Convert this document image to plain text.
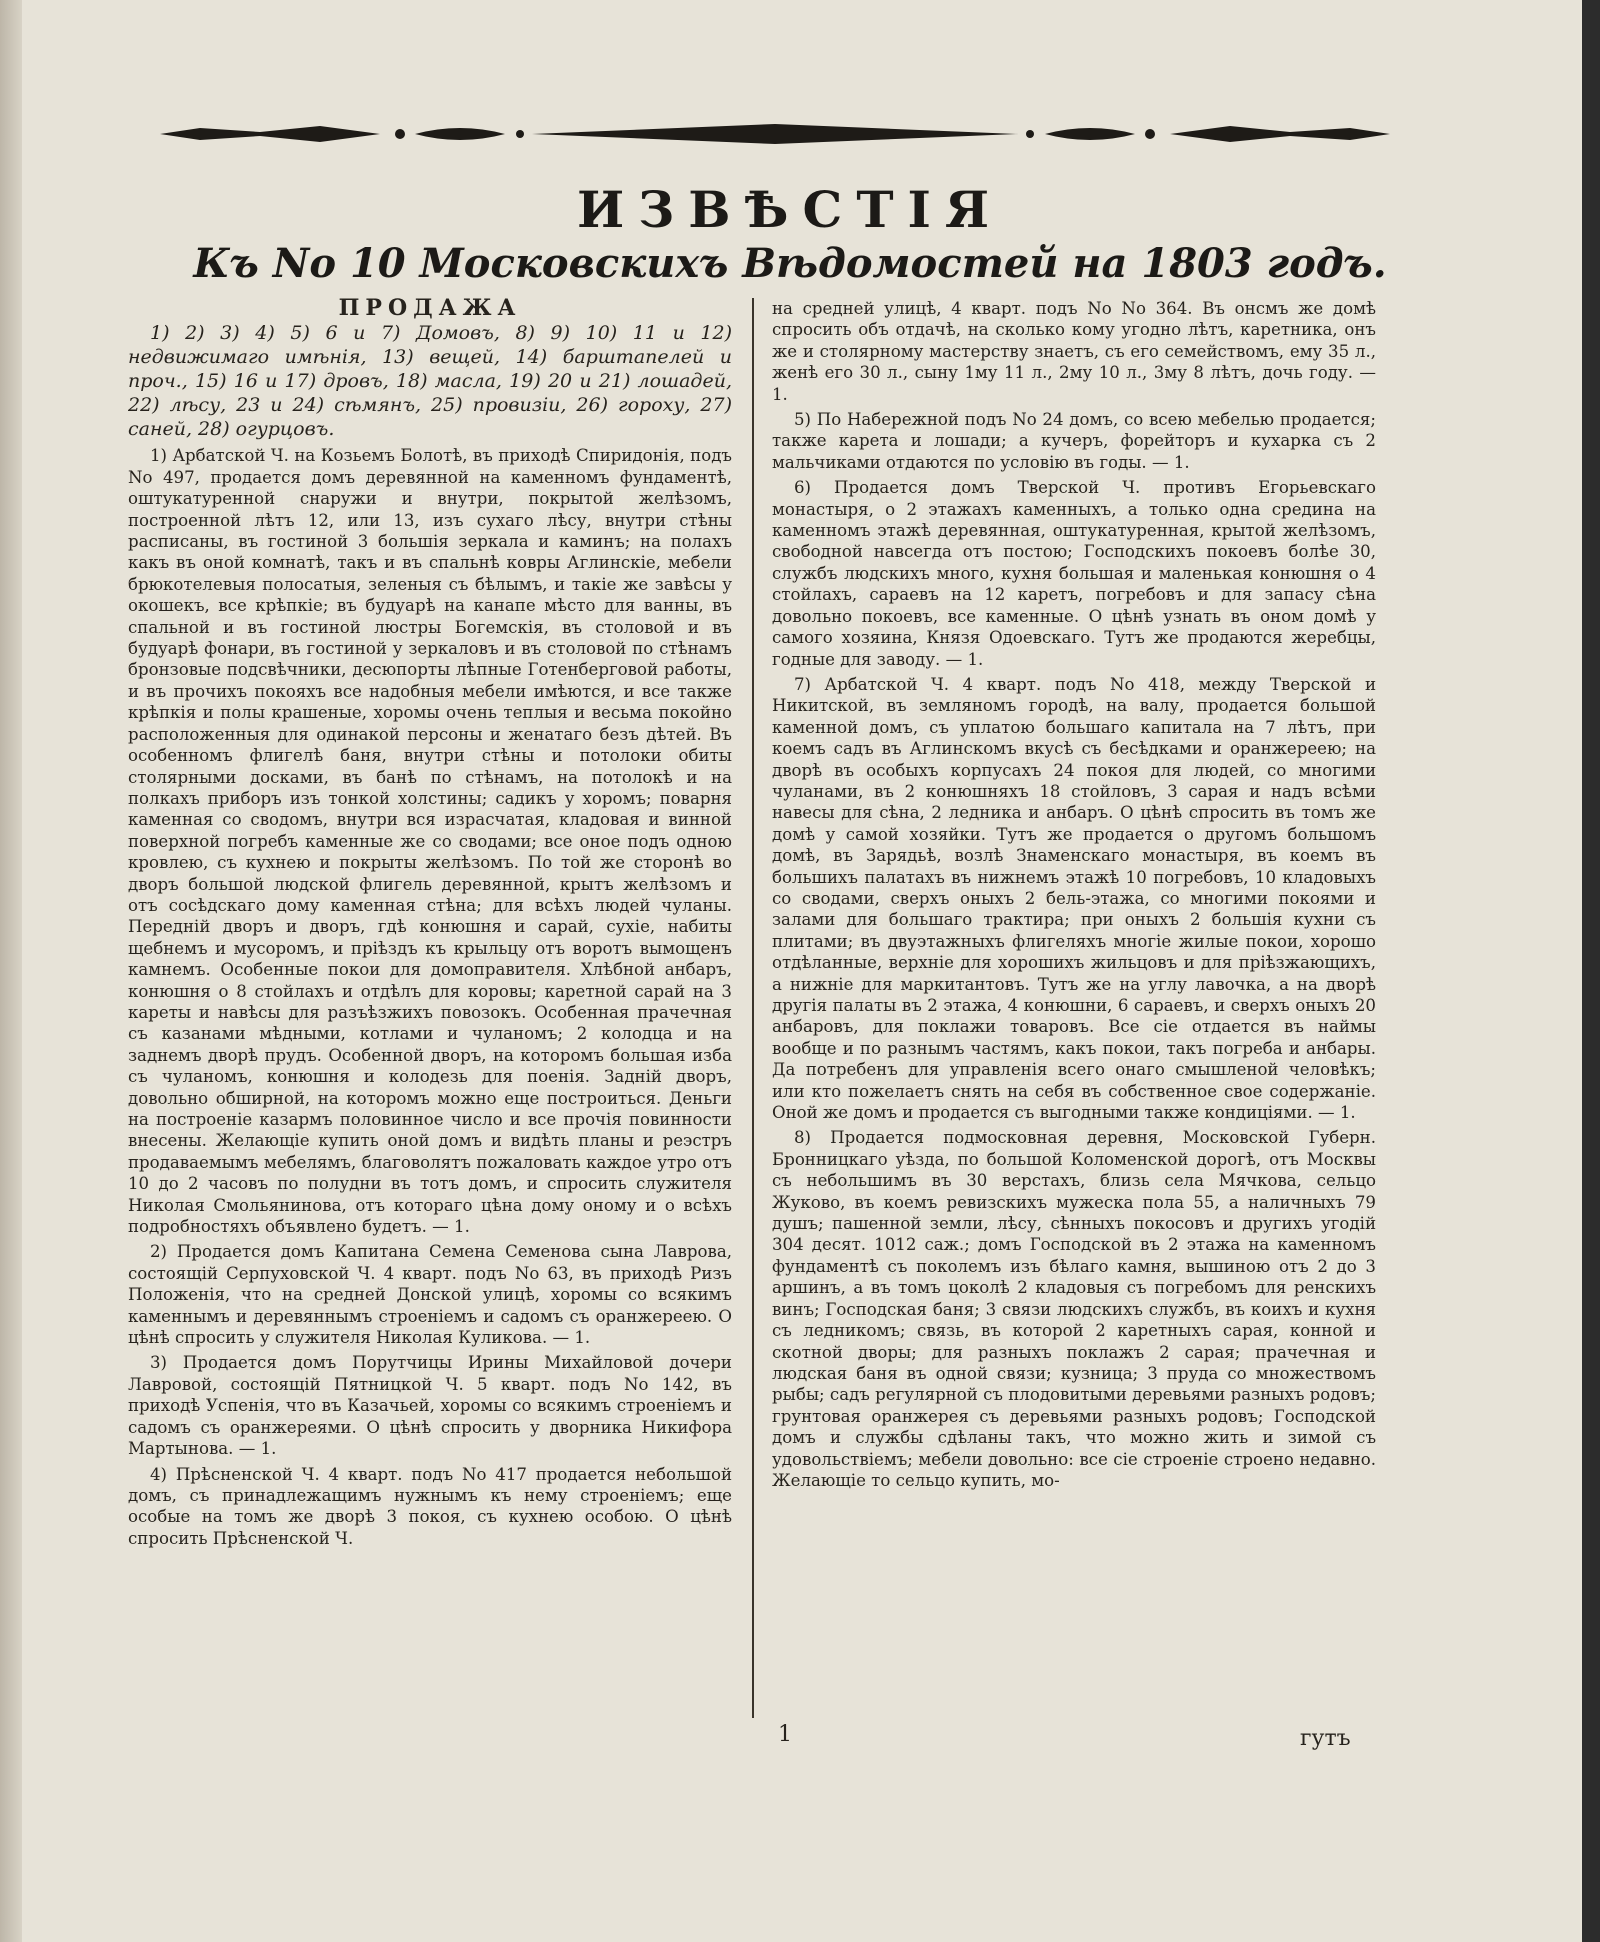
ИЗВѢСТІЯ
Къ No 10 Московскихъ Вѣдомостей на 1803 годъ.
ПРОДАЖА

1) 2) 3) 4) 5) 6 и 7) Домовъ, 8) 9) 10) 11 и 12) недвижимаго имѣнія, 13) вещей, 14) барштапелей и проч., 15) 16 и 17) дровъ, 18) масла, 19) 20 и 21) лошадей, 22) лѣсу, 23 и 24) сѣмянъ, 25) провизіи, 26) гороху, 27) саней, 28) огурцовъ.

1) Арбатской Ч. на Козьемъ Болотѣ, въ приходѣ Спиридонія, подъ No 497, продается домъ деревянной на каменномъ фундаментѣ, оштукатуренной снаружи и внутри, покрытой желѣзомъ, построенной лѣтъ 12, или 13, изъ сухаго лѣсу, внутри стѣны расписаны, въ гостиной 3 большія зеркала и каминъ; на полахъ какъ въ оной комнатѣ, такъ и въ спальнѣ ковры Аглинскіе, мебели брюкотелевыя полосатыя, зеленыя съ бѣлымъ, и такіе же завѣсы у окошекъ, все крѣпкіе; въ будуарѣ на канапе мѣсто для ванны, въ спальной и въ гостиной люстры Богемскія, въ столовой и въ будуарѣ фонари, въ гостиной у зеркаловъ и въ столовой по стѣнамъ бронзовые подсвѣчники, десюпорты лѣпные Готенберговой работы, и въ прочихъ покояхъ все надобныя мебели имѣются, и все также крѣпкія и полы крашеные, хоромы очень теплыя и весьма покойно расположенныя для одинакой персоны и женатаго безъ дѣтей. Въ особенномъ флигелѣ баня, внутри стѣны и потолоки обиты столярными досками, въ банѣ по стѣнамъ, на потолокѣ и на полкахъ приборъ изъ тонкой холстины; садикъ у хоромъ; поварня каменная со сводомъ, внутри вся израсчатая, кладовая и винной поверхной погребъ каменные же со сводами; все оное подъ одною кровлею, съ кухнею и покрыты желѣзомъ. По той же сторонѣ во дворъ большой людской флигель деревянной, крытъ желѣзомъ и отъ сосѣдскаго дому каменная стѣна; для всѣхъ людей чуланы. Передній дворъ и дворъ, гдѣ конюшня и сарай, сухіе, набиты щебнемъ и мусоромъ, и пріѣздъ къ крыльцу отъ воротъ вымощенъ камнемъ. Особенные покои для домоправителя. Хлѣбной анбаръ, конюшня о 8 стойлахъ и отдѣлъ для коровы; каретной сарай на 3 кареты и навѣсы для разъѣзжихъ повозокъ. Особенная прачечная съ казанами мѣдными, котлами и чуланомъ; 2 колодца и на заднемъ дворѣ прудъ. Особенной дворъ, на которомъ большая изба съ чуланомъ, конюшня и колодезь для поенія. Задній дворъ, довольно обширной, на которомъ можно еще построиться. Деньги на построеніе казармъ половинное число и все прочія повинности внесены. Желающіе купить оной домъ и видѣть планы и реэстръ продаваемымъ мебелямъ, благоволятъ пожаловать каждое утро отъ 10 до 2 часовъ по полудни въ тотъ домъ, и спросить служителя Николая Смольянинова, отъ котораго цѣна дому оному и о всѣхъ подробностяхъ объявлено будетъ. — 1.

2) Продается домъ Капитана Семена Семенова сына Лаврова, состоящій Серпуховской Ч. 4 кварт. подъ No 63, въ приходѣ Ризъ Положенія, что на средней Донской улицѣ, хоромы со всякимъ каменнымъ и деревяннымъ строеніемъ и садомъ съ оранжереею. О цѣнѣ спросить у служителя Николая Куликова. — 1.

3) Продается домъ Порутчицы Ирины Михайловой дочери Лавровой, состоящій Пятницкой Ч. 5 кварт. подъ No 142, въ приходѣ Успенія, что въ Казачьей, хоромы со всякимъ строеніемъ и садомъ съ оранжереями. О цѣнѣ спросить у дворника Никифора Мартынова. — 1.

4) Прѣсненской Ч. 4 кварт. подъ No 417 продается небольшой домъ, съ принадлежащимъ нужнымъ къ нему строеніемъ; еще особые на томъ же дворѣ 3 покоя, съ кухнею особою. О цѣнѣ спросить Прѣсненской Ч.

на средней улицѣ, 4 кварт. подъ No No 364. Въ онсмъ же домѣ спросить объ отдачѣ, на сколько кому угодно лѣтъ, каретника, онъ же и столярному мастерству знаетъ, съ его семействомъ, ему 35 л., женѣ его 30 л., сыну 1му 11 л., 2му 10 л., 3му 8 лѣтъ, дочь году. — 1.

5) По Набережной подъ No 24 домъ, со всею мебелью продается; также карета и лошади; а кучеръ, форейторъ и кухарка съ 2 мальчиками отдаются по условію въ годы. — 1.

6) Продается домъ Тверской Ч. противъ Егорьевскаго монастыря, о 2 этажахъ каменныхъ, а только одна средина на каменномъ этажѣ деревянная, оштукатуренная, крытой желѣзомъ, свободной навсегда отъ постою; Господскихъ покоевъ болѣе 30, службъ людскихъ много, кухня большая и маленькая конюшня о 4 стойлахъ, сараевъ на 12 каретъ, погребовъ и для запасу сѣна довольно покоевъ, все каменные. О цѣнѣ узнать въ оном домѣ у самого хозяина, Князя Одоевскаго. Тутъ же продаются жеребцы, годные для заводу. — 1.

7) Арбатской Ч. 4 кварт. подъ No 418, между Тверской и Никитской, въ земляномъ городѣ, на валу, продается большой каменной домъ, съ уплатою большаго капитала на 7 лѣтъ, при коемъ садъ въ Аглинскомъ вкусѣ съ бесѣдками и оранжереею; на дворѣ въ особыхъ корпусахъ 24 покоя для людей, со многими чуланами, въ 2 конюшняхъ 18 стойловъ, 3 сарая и надъ всѣми навесы для сѣна, 2 ледника и анбаръ. О цѣнѣ спросить въ томъ же домѣ у самой хозяйки. Тутъ же продается о другомъ большомъ домѣ, въ Зарядьѣ, возлѣ Знаменскаго монастыря, въ коемъ въ большихъ палатахъ въ нижнемъ этажѣ 10 погребовъ, 10 кладовыхъ со сводами, сверхъ оныхъ 2 бель-этажа, со многими покоями и залами для большаго трактира; при оныхъ 2 большія кухни съ плитами; въ двуэтажныхъ флигеляхъ многіе жилые покои, хорошо отдѣланные, верхніе для хорошихъ жильцовъ и для пріѣзжающихъ, а нижніе для маркитантовъ. Тутъ же на углу лавочка, а на дворѣ другія палаты въ 2 этажа, 4 конюшни, 6 сараевъ, и сверхъ оныхъ 20 анбаровъ, для поклажи товаровъ. Все сіе отдается въ наймы вообще и по разнымъ частямъ, какъ покои, такъ погреба и анбары. Да потребенъ для управленія всего онаго смышленой человѣкъ; или кто пожелаетъ снять на себя въ собственное свое содержаніе. Оной же домъ и продается съ выгодными также кондиціями. — 1.

8) Продается подмосковная деревня, Московской Губерн. Бронницкаго уѣзда, по большой Коломенской дорогѣ, отъ Москвы съ небольшимъ въ 30 верстахъ, близь села Мячкова, сельцо Жуково, въ коемъ ревизскихъ мужеска пола 55, а наличныхъ 79 душъ; пашенной земли, лѣсу, сѣнныхъ покосовъ и другихъ угодій 304 десят. 1012 саж.; домъ Господской въ 2 этажа на каменномъ фундаментѣ съ поколемъ изъ бѣлаго камня, вышиною отъ 2 до 3 аршинъ, а въ томъ цоколѣ 2 кладовыя съ погребомъ для ренскихъ винъ; Господская баня; 3 связи людскихъ службъ, въ коихъ и кухня съ ледникомъ; связь, въ которой 2 каретныхъ сарая, конной и скотной дворы; для разныхъ поклажъ 2 сарая; прачечная и людская баня въ одной связи; кузница; 3 пруда со множествомъ рыбы; садъ регулярной съ плодовитыми деревьями разныхъ родовъ; грунтовая оранжерея съ деревьями разныхъ родовъ; Господской домъ и службы сдѣланы такъ, что можно жить и зимой съ удовольствіемъ; мебели довольно: все сіе строеніе строено недавно. Желающіе то сельцо купить, мо-

1	гутъ
